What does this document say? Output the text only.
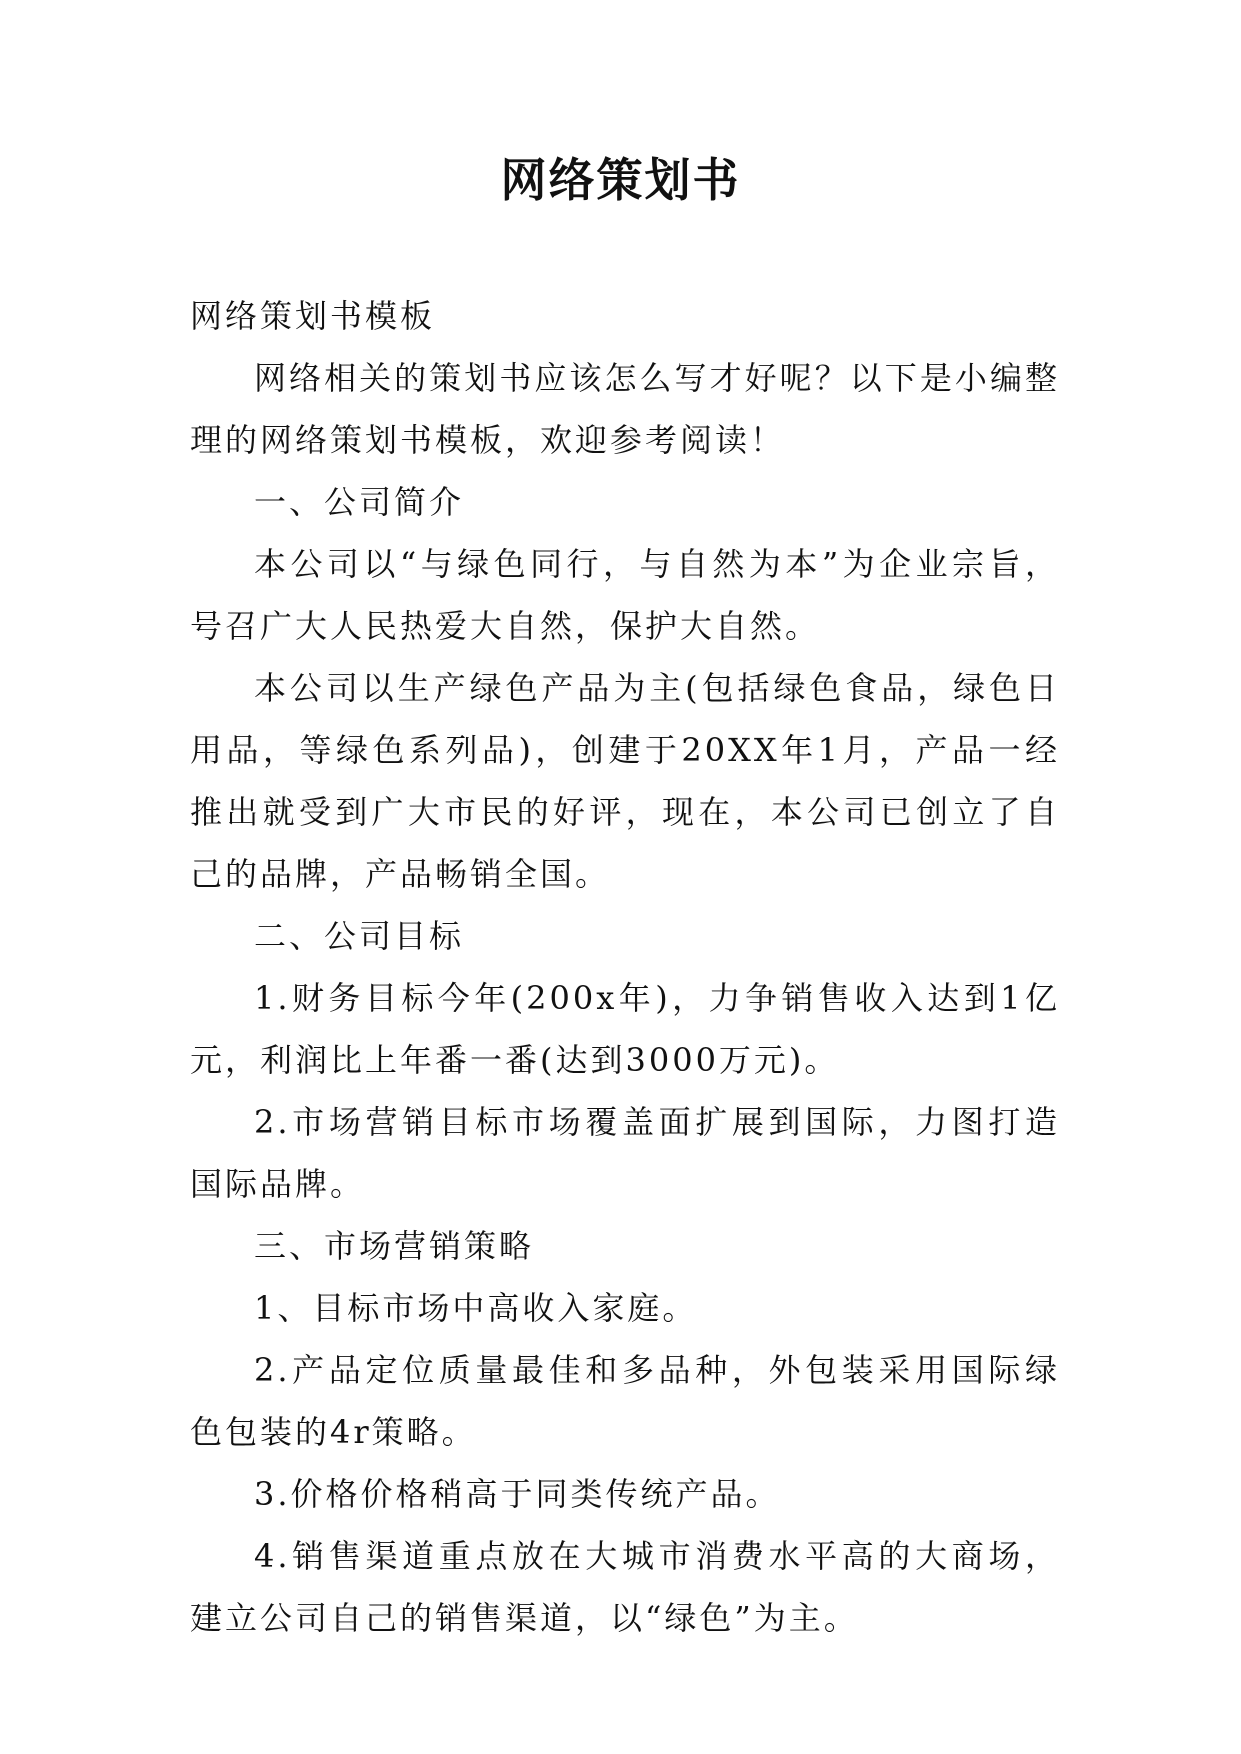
网络策划书

网络策划书模板

网络相关的策划书应该怎么写才好呢？以下是小编整理的网络策划书模板，欢迎参考阅读！

一、公司简介

本公司以“与绿色同行，与自然为本”为企业宗旨，号召广大人民热爱大自然，保护大自然。

本公司以生产绿色产品为主(包括绿色食品，绿色日用品，等绿色系列品)，创建于20XX年1月，产品一经推出就受到广大市民的好评，现在，本公司已创立了自己的品牌，产品畅销全国。

二、公司目标

1.财务目标今年(200x年)，力争销售收入达到1亿元，利润比上年番一番(达到3000万元)。

2.市场营销目标市场覆盖面扩展到国际，力图打造国际品牌。

三、市场营销策略

1、目标市场中高收入家庭。

2.产品定位质量最佳和多品种，外包装采用国际绿色包装的4r策略。

3.价格价格稍高于同类传统产品。

4.销售渠道重点放在大城市消费水平高的大商场，建立公司自己的销售渠道，以“绿色”为主。
